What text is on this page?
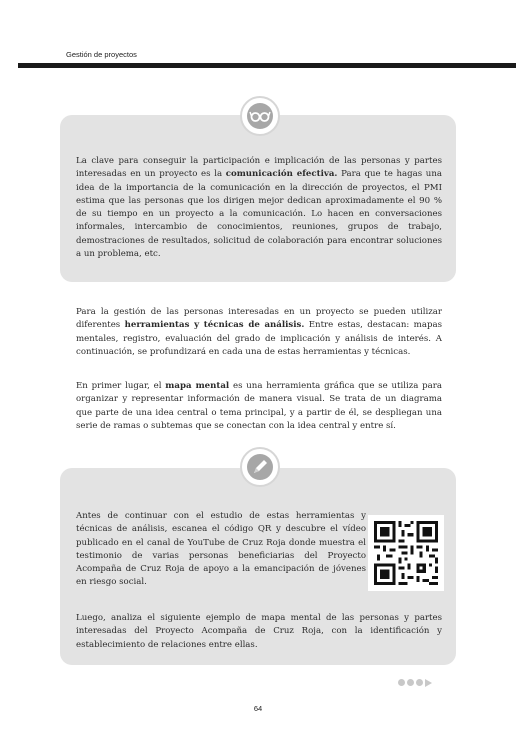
Gestión de proyectos

La clave para conseguir la participación e implicación de las personas y partes interesadas en un proyecto es la comunicación efectiva. Para que te hagas una idea de la importancia de la comunicación en la dirección de proyectos, el PMI estima que las personas que los dirigen mejor dedican aproximadamente el 90 % de su tiempo en un proyecto a la comunicación. Lo hacen en conversaciones informales, intercambio de conocimientos, reuniones, grupos de trabajo, demostraciones de resultados, solicitud de colaboración para encontrar soluciones a un problema, etc.

Para la gestión de las personas interesadas en un proyecto se pueden utilizar diferentes herramientas y técnicas de análisis. Entre estas, destacan: mapas mentales, registro, evaluación del grado de implicación y análisis de interés. A continuación, se profundizará en cada una de estas herramientas y técnicas.

En primer lugar, el mapa mental es una herramienta gráfica que se utiliza para organizar y representar información de manera visual. Se trata de un diagrama que parte de una idea central o tema principal, y a partir de él, se despliegan una serie de ramas o subtemas que se conectan con la idea central y entre sí.

Antes de continuar con el estudio de estas herramientas y técnicas de análisis, escanea el código QR y descubre el vídeo publicado en el canal de YouTube de Cruz Roja donde muestra el testimonio de varias personas beneficiarias del Proyecto Acompaña de Cruz Roja de apoyo a la emancipación de jóvenes en riesgo social.

Luego, analiza el siguiente ejemplo de mapa mental de las personas y partes interesadas del Proyecto Acompaña de Cruz Roja, con la identificación y establecimiento de relaciones entre ellas.

64
